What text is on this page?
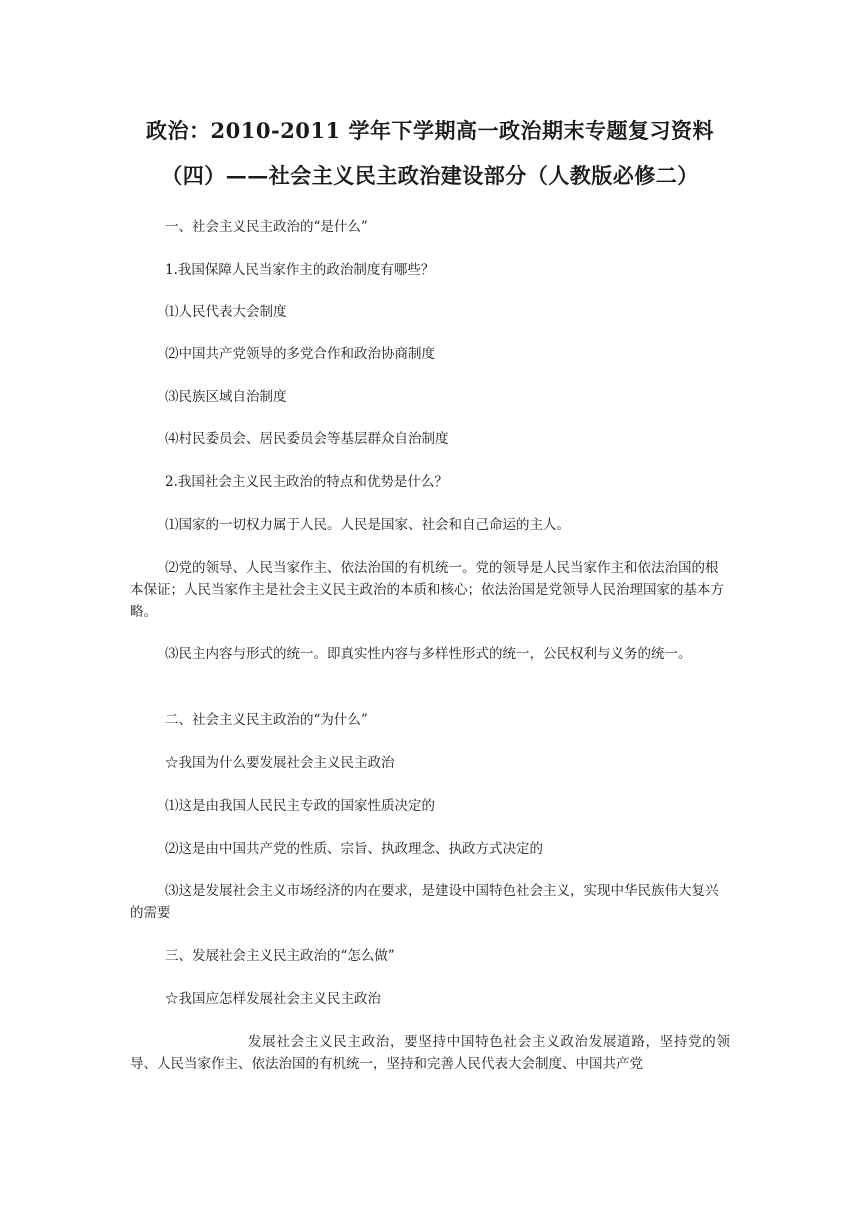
政治：2010-2011 学年下学期高一政治期末专题复习资料
（四）——社会主义民主政治建设部分（人教版必修二）
一、社会主义民主政治的“是什么”
1.我国保障人民当家作主的政治制度有哪些？
⑴人民代表大会制度
⑵中国共产党领导的多党合作和政治协商制度
⑶民族区域自治制度
⑷村民委员会、居民委员会等基层群众自治制度
2.我国社会主义民主政治的特点和优势是什么？
⑴国家的一切权力属于人民。人民是国家、社会和自己命运的主人。
⑵党的领导、人民当家作主、依法治国的有机统一。党的领导是人民当家作主和依法治国的根本保证；人民当家作主是社会主义民主政治的本质和核心；依法治国是党领导人民治理国家的基本方略。
⑶民主内容与形式的统一。即真实性内容与多样性形式的统一，公民权利与义务的统一。
二、社会主义民主政治的“为什么”
☆我国为什么要发展社会主义民主政治
⑴这是由我国人民民主专政的国家性质决定的
⑵这是由中国共产党的性质、宗旨、执政理念、执政方式决定的
⑶这是发展社会主义市场经济的内在要求，是建设中国特色社会主义，实现中华民族伟大复兴的需要
三、发展社会主义民主政治的“怎么做”
☆我国应怎样发展社会主义民主政治
发展社会主义民主政治，要坚持中国特色社会主义政治发展道路，坚持党的领导、人民当家作主、依法治国的有机统一，坚持和完善人民代表大会制度、中国共产党
